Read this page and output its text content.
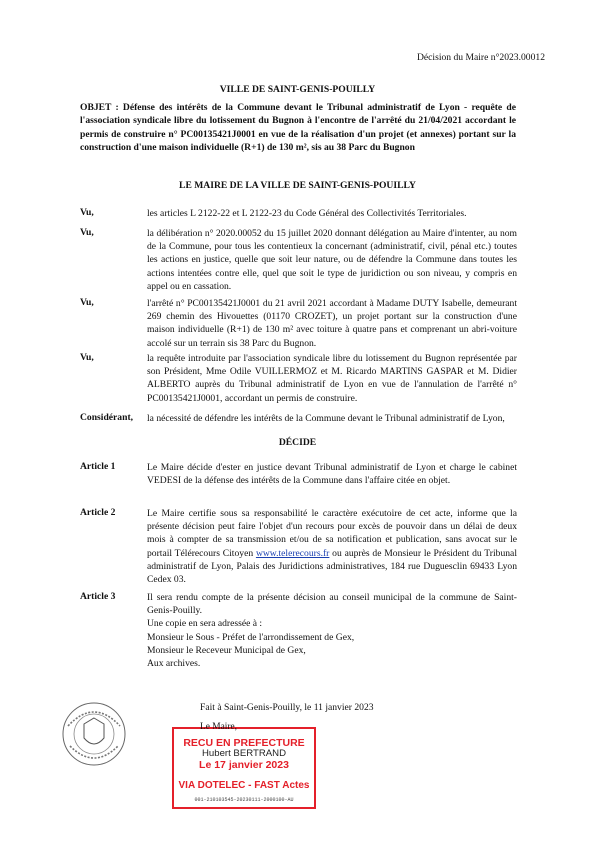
Décision du Maire n°2023.00012
VILLE DE SAINT-GENIS-POUILLY
OBJET : Défense des intérêts de la Commune devant le Tribunal administratif de Lyon - requête de l'association syndicale libre du lotissement du Bugnon à l'encontre de l'arrêté du 21/04/2021 accordant le permis de construire n° PC00135421J0001 en vue de la réalisation d'un projet (et annexes) portant sur la construction d'une maison individuelle (R+1) de 130 m², sis au 38 Parc du Bugnon
LE MAIRE DE LA VILLE DE SAINT-GENIS-POUILLY
Vu,	les articles L 2122-22 et L 2122-23 du Code Général des Collectivités Territoriales.
Vu,	la délibération n° 2020.00052 du 15 juillet 2020 donnant délégation au Maire d'intenter, au nom de la Commune, pour tous les contentieux la concernant (administratif, civil, pénal etc.) toutes les actions en justice, quelle que soit leur nature, ou de défendre la Commune dans toutes les actions intentées contre elle, quel que soit le type de juridiction ou son niveau, y compris en appel ou en cassation.
Vu,	l'arrêté n° PC00135421J0001 du 21 avril 2021 accordant à Madame DUTY Isabelle, demeurant 269 chemin des Hivouettes (01170 CROZET), un projet portant sur la construction d'une maison individuelle (R+1) de 130 m² avec toiture à quatre pans et comprenant un abri-voiture accolé sur un terrain sis 38 Parc du Bugnon.
Vu,	la requête introduite par l'association syndicale libre du lotissement du Bugnon représentée par son Président, Mme Odile VUILLERMOZ et M. Ricardo MARTINS GASPAR et M. Didier ALBERTO auprès du Tribunal administratif de Lyon en vue de l'annulation de l'arrêté n° PC00135421J0001, accordant un permis de construire.
Considérant, la nécessité de défendre les intérêts de la Commune devant le Tribunal administratif de Lyon,
DÉCIDE
Article 1	Le Maire décide d'ester en justice devant Tribunal administratif de Lyon et charge le cabinet VEDESI de la défense des intérêts de la Commune dans l'affaire citée en objet.
Article 2	Le Maire certifie sous sa responsabilité le caractère exécutoire de cet acte, informe que la présente décision peut faire l'objet d'un recours pour excès de pouvoir dans un délai de deux mois à compter de sa transmission et/ou de sa notification et publication, sans avocat sur le portail Télérecours Citoyen www.telerecours.fr ou auprès de Monsieur le Président du Tribunal administratif de Lyon, Palais des Juridictions administratives, 184 rue Duguesclin 69433 Lyon Cedex 03.
Article 3	Il sera rendu compte de la présente décision au conseil municipal de la commune de Saint-Genis-Pouilly.
Une copie en sera adressée à :
Monsieur le Sous - Préfet de l'arrondissement de Gex,
Monsieur le Receveur Municipal de Gex,
Aux archives.
Fait à Saint-Genis-Pouilly, le 11 janvier 2023
Le Maire,
RECU EN PREFECTURE
Hubert BERTRAND
Le 17 janvier 2023
VIA DOTELEC - FAST Actes
001-210103545-20230111-2000100-AU
